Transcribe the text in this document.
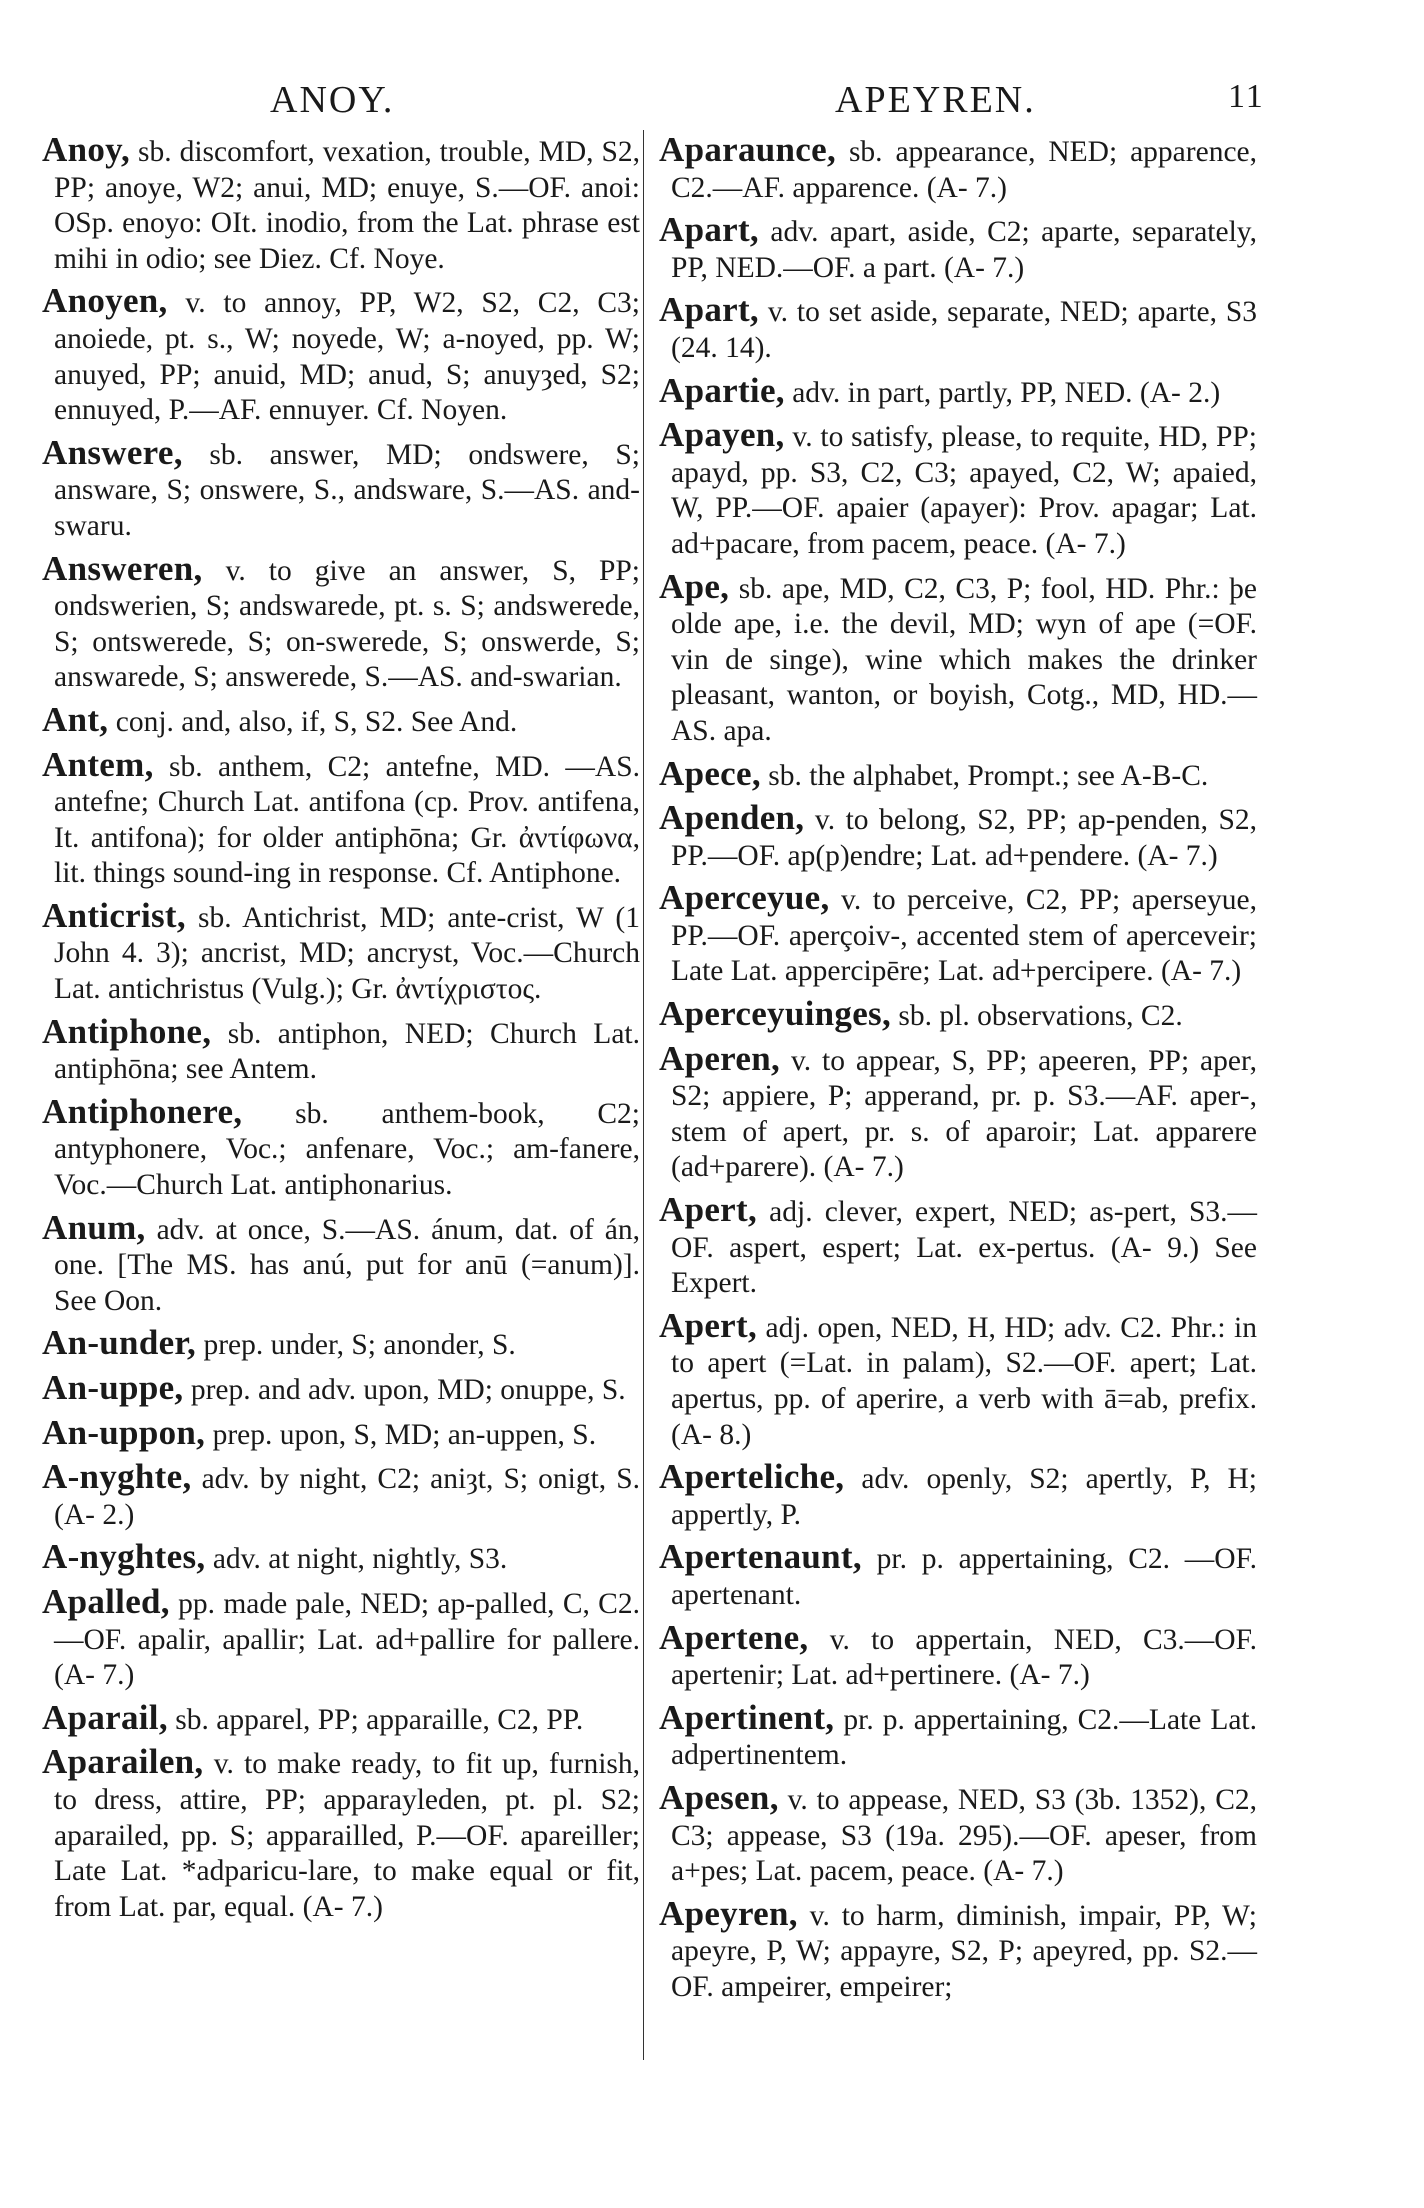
ANOY.	APEYREN.	11

Anoy, sb. discomfort, vexation, trouble, MD, S2, PP; anoye, W2; anui, MD; enuye, S.—OF. anoi: OSp. enoyo: OIt. inodio, from the Lat. phrase est mihi in odio; see Diez. Cf. Noye.

Anoyen, v. to annoy, PP, W2, S2, C2, C3; anoiede, pt. s., W; noyede, W; a-noyed, pp. W; anuyed, PP; anuid, MD; anud, S; anuyȝed, S2; ennuyed, P.—AF. ennuyer. Cf. Noyen.

Answere, sb. answer, MD; ondswere, S; answare, S; onswere, S., andsware, S.—AS. and-swaru.

Answeren, v. to give an answer, S, PP; ondswerien, S; andswarede, pt. s. S; andswerede, S; ontswerede, S; on-swerede, S; onswerde, S; answarede, S; answerede, S.—AS. and-swarian.

Ant, conj. and, also, if, S, S2. See And.

Antem, sb. anthem, C2; antefne, MD. —AS. antefne; Church Lat. antifona (cp. Prov. antifena, It. antifona); for older antiphōna; Gr. ἀντίφωνα, lit. things sound-ing in response. Cf. Antiphone.

Anticrist, sb. Antichrist, MD; ante-crist, W (1 John 4. 3); ancrist, MD; ancryst, Voc.—Church Lat. antichristus (Vulg.); Gr. ἀντίχριστος.

Antiphone, sb. antiphon, NED; Church Lat. antiphōna; see Antem.

Antiphonere, sb. anthem-book, C2; antyphonere, Voc.; anfenare, Voc.; am-fanere, Voc.—Church Lat. antiphonarius.

Anum, adv. at once, S.—AS. ánum, dat. of án, one. [The MS. has anú, put for anū (=anum)]. See Oon.

An-under, prep. under, S; anonder, S.

An-uppe, prep. and adv. upon, MD; onuppe, S.

An-uppon, prep. upon, S, MD; an-uppen, S.

A-nyghte, adv. by night, C2; aniȝt, S; onigt, S. (A- 2.)

A-nyghtes, adv. at night, nightly, S3.

Apalled, pp. made pale, NED; ap-palled, C, C2.—OF. apalir, apallir; Lat. ad+pallire for pallere. (A- 7.)

Aparail, sb. apparel, PP; apparaille, C2, PP.

Aparailen, v. to make ready, to fit up, furnish, to dress, attire, PP; apparayleden, pt. pl. S2; aparailed, pp. S; apparailled, P.—OF. apareiller; Late Lat. *adparicu-lare, to make equal or fit, from Lat. par, equal. (A- 7.)

Aparaunce, sb. appearance, NED; apparence, C2.—AF. apparence. (A- 7.)

Apart, adv. apart, aside, C2; aparte, separately, PP, NED.—OF. a part. (A- 7.)

Apart, v. to set aside, separate, NED; aparte, S3 (24. 14).

Apartie, adv. in part, partly, PP, NED. (A- 2.)

Apayen, v. to satisfy, please, to requite, HD, PP; apayd, pp. S3, C2, C3; apayed, C2, W; apaied, W, PP.—OF. apaier (apayer): Prov. apagar; Lat. ad+pacare, from pacem, peace. (A- 7.)

Ape, sb. ape, MD, C2, C3, P; fool, HD. Phr.: þe olde ape, i.e. the devil, MD; wyn of ape (=OF. vin de singe), wine which makes the drinker pleasant, wanton, or boyish, Cotg., MD, HD.—AS. apa.

Apece, sb. the alphabet, Prompt.; see A-B-C.

Apenden, v. to belong, S2, PP; ap-penden, S2, PP.—OF. ap(p)endre; Lat. ad+pendere. (A- 7.)

Aperceyue, v. to perceive, C2, PP; aperseyue, PP.—OF. aperçoiv-, accented stem of aperceveir; Late Lat. appercipēre; Lat. ad+percipere. (A- 7.)

Aperceyuinges, sb. pl. observations, C2.

Aperen, v. to appear, S, PP; apeeren, PP; aper, S2; appiere, P; apperand, pr. p. S3.—AF. aper-, stem of apert, pr. s. of aparoir; Lat. apparere (ad+parere). (A- 7.)

Apert, adj. clever, expert, NED; as-pert, S3.—OF. aspert, espert; Lat. ex-pertus. (A- 9.) See Expert.

Apert, adj. open, NED, H, HD; adv. C2. Phr.: in to apert (=Lat. in palam), S2.—OF. apert; Lat. apertus, pp. of aperire, a verb with ā=ab, prefix. (A- 8.)

Aperteliche, adv. openly, S2; apertly, P, H; appertly, P.

Apertenaunt, pr. p. appertaining, C2. —OF. apertenant.

Apertene, v. to appertain, NED, C3.—OF. apertenir; Lat. ad+pertinere. (A- 7.)

Apertinent, pr. p. appertaining, C2.—Late Lat. adpertinentem.

Apesen, v. to appease, NED, S3 (3b. 1352), C2, C3; appease, S3 (19a. 295).—OF. apeser, from a+pes; Lat. pacem, peace. (A- 7.)

Apeyren, v. to harm, diminish, impair, PP, W; apeyre, P, W; appayre, S2, P; apeyred, pp. S2.—OF. ampeirer, empeirer;
